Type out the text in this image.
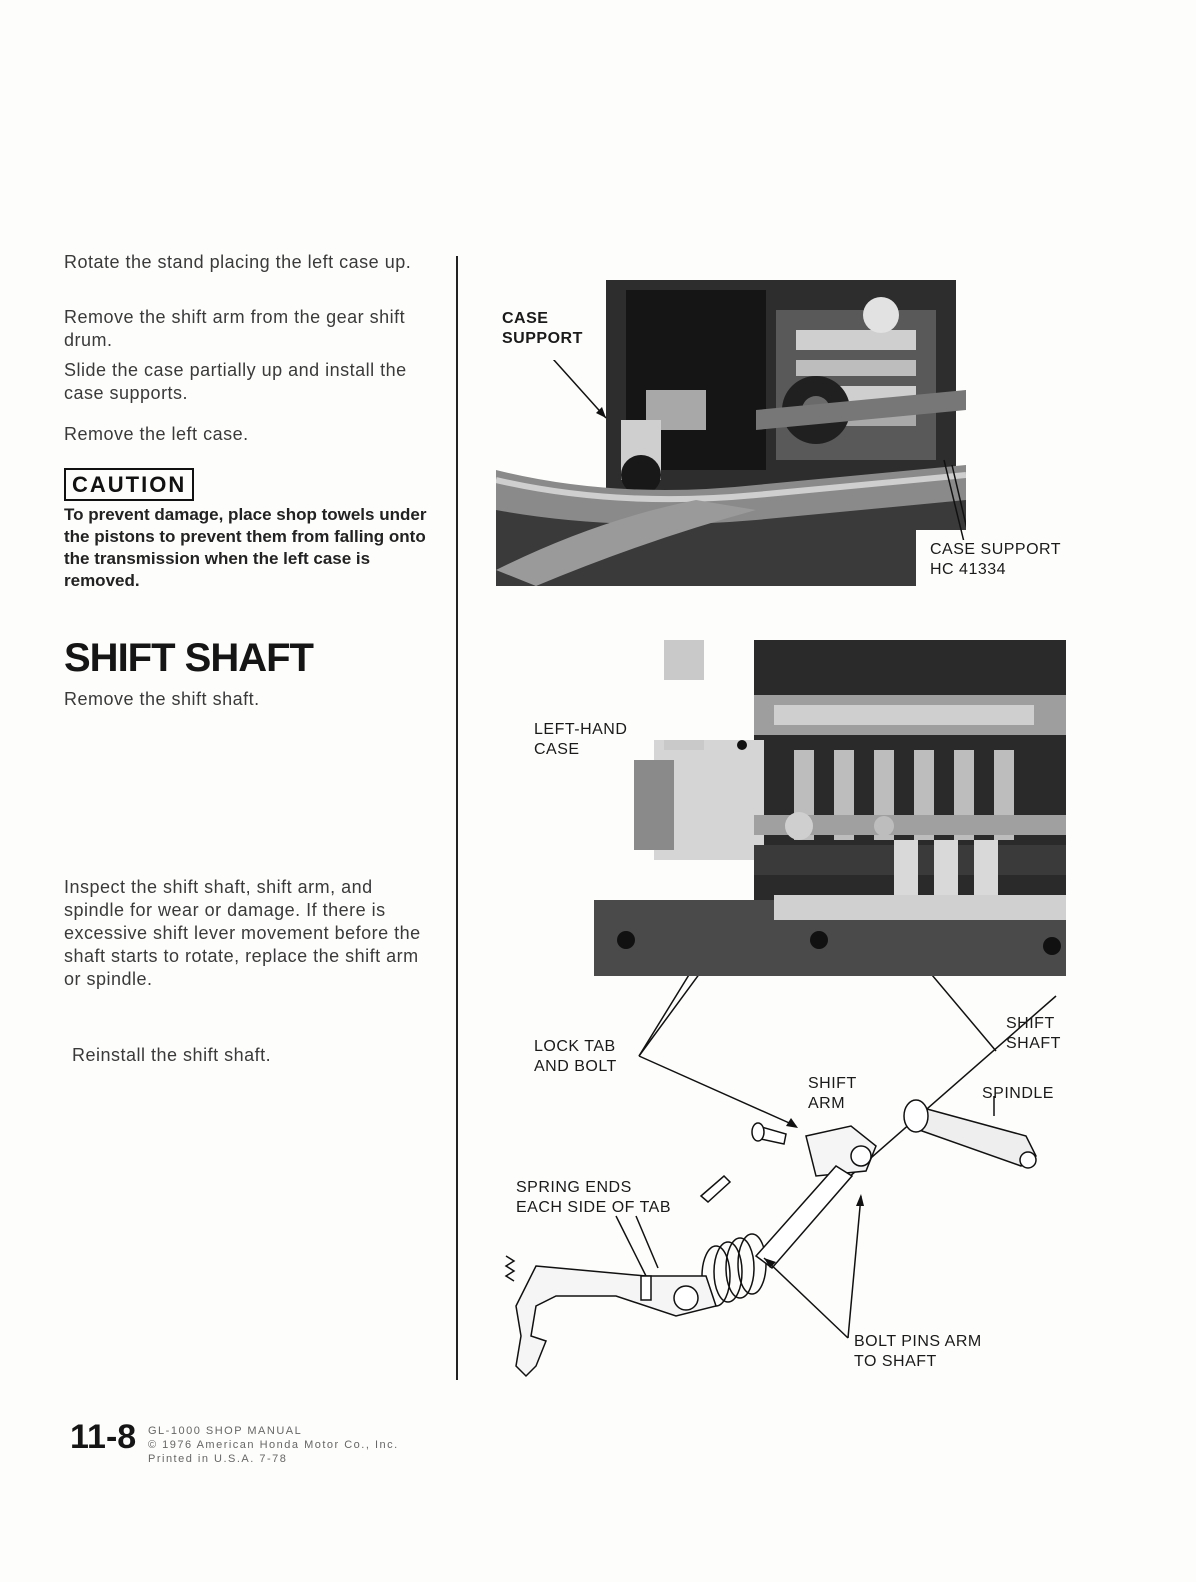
Rotate the stand placing the left case up.
Remove the shift arm from the gear shift drum.
Slide the case partially up and install the case supports.
Remove the left case.
CAUTION
To prevent damage, place shop towels under the pistons to prevent them from falling onto the transmission when the left case is removed.
SHIFT SHAFT
Remove the shift shaft.
Inspect the shift shaft, shift arm, and spindle for wear or damage. If there is excessive shift lever movement before the shaft starts to rotate, replace the shift arm or spindle.
Reinstall the shift shaft.
CASE
SUPPORT
CASE SUPPORT
HC 41334
LEFT-HAND
CASE
LOCK TAB
AND BOLT
SHIFT
SHAFT
SHIFT
ARM
SPINDLE
SPRING ENDS
EACH SIDE OF TAB
BOLT PINS ARM
TO SHAFT
11-8 GL-1000 SHOP MANUAL
© 1976 American Honda Motor Co., Inc.
Printed in U.S.A. 7-78
